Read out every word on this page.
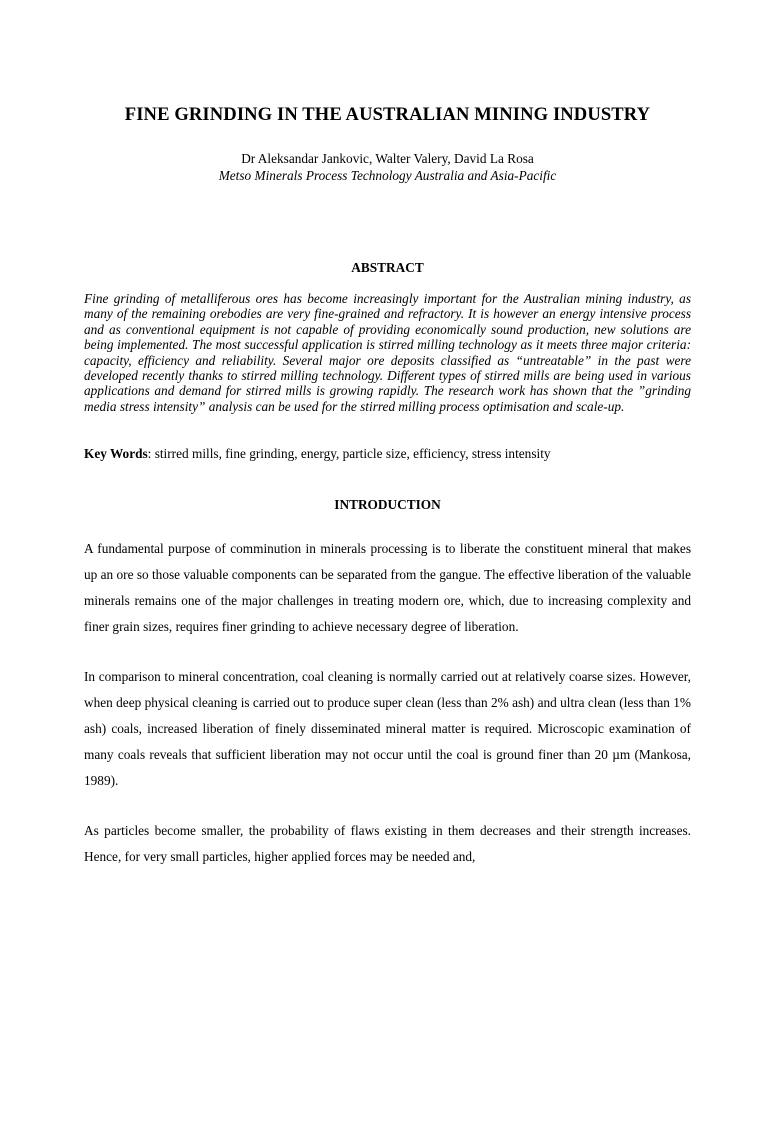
FINE GRINDING IN THE AUSTRALIAN MINING INDUSTRY

Dr Aleksandar Jankovic, Walter Valery, David La Rosa

Metso Minerals Process Technology Australia and Asia-Pacific

ABSTRACT

Fine grinding of metalliferous ores has become increasingly important for the Australian mining industry, as many of the remaining orebodies are very fine-grained and refractory. It is however an energy intensive process and as conventional equipment is not capable of providing economically sound production, new solutions are being implemented. The most successful application is stirred milling technology as it meets three major criteria: capacity, efficiency and reliability. Several major ore deposits classified as “untreatable” in the past were developed recently thanks to stirred milling technology. Different types of stirred mills are being used in various applications and demand for stirred mills is growing rapidly. The research work has shown that the ”grinding media stress intensity” analysis can be used for the stirred milling process optimisation and scale-up.

Key Words: stirred mills, fine grinding, energy, particle size, efficiency, stress intensity

INTRODUCTION

A fundamental purpose of comminution in minerals processing is to liberate the constituent mineral that makes up an ore so those valuable components can be separated from the gangue. The effective liberation of the valuable minerals remains one of the major challenges in treating modern ore, which, due to increasing complexity and finer grain sizes, requires finer grinding to achieve necessary degree of liberation.

In comparison to mineral concentration, coal cleaning is normally carried out at relatively coarse sizes. However, when deep physical cleaning is carried out to produce super clean (less than 2% ash) and ultra clean (less than 1% ash) coals, increased liberation of finely disseminated mineral matter is required. Microscopic examination of many coals reveals that sufficient liberation may not occur until the coal is ground finer than 20 µm (Mankosa, 1989).

As particles become smaller, the probability of flaws existing in them decreases and their strength increases. Hence, for very small particles, higher applied forces may be needed and,
